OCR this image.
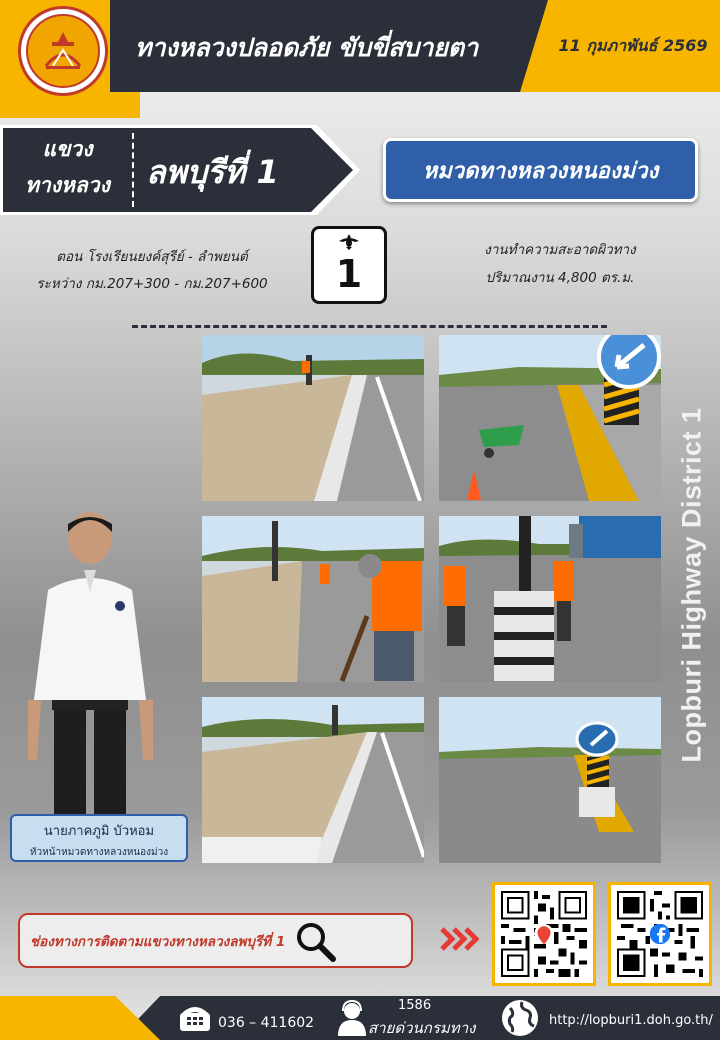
ทางหลวงปลอดภัย ขับขี่สบายตา	11 กุมภาพันธ์ 2569
แขวง
ทางหลวง	ลพบุรีที่ 1	หมวดทางหลวงหนองม่วง
ตอน โรงเรียนยงค์สุรีย์ - ลำพยนต์
ระหว่าง กม.207+300 - กม.207+600	1
งานทำความสะอาดผิวทาง
ปริมาณงาน 4,800 ตร.ม.
นายภาคภูมิ บัวหอม
หัวหน้าหมวดทางหลวงหนองม่วง
Lopburi Highway District 1
ช่องทางการติดตามแขวงทางหลวงลพบุรีที่ 1
036 – 411602
1586
สายด่วนกรมทาง	http://lopburi1.doh.go.th/
